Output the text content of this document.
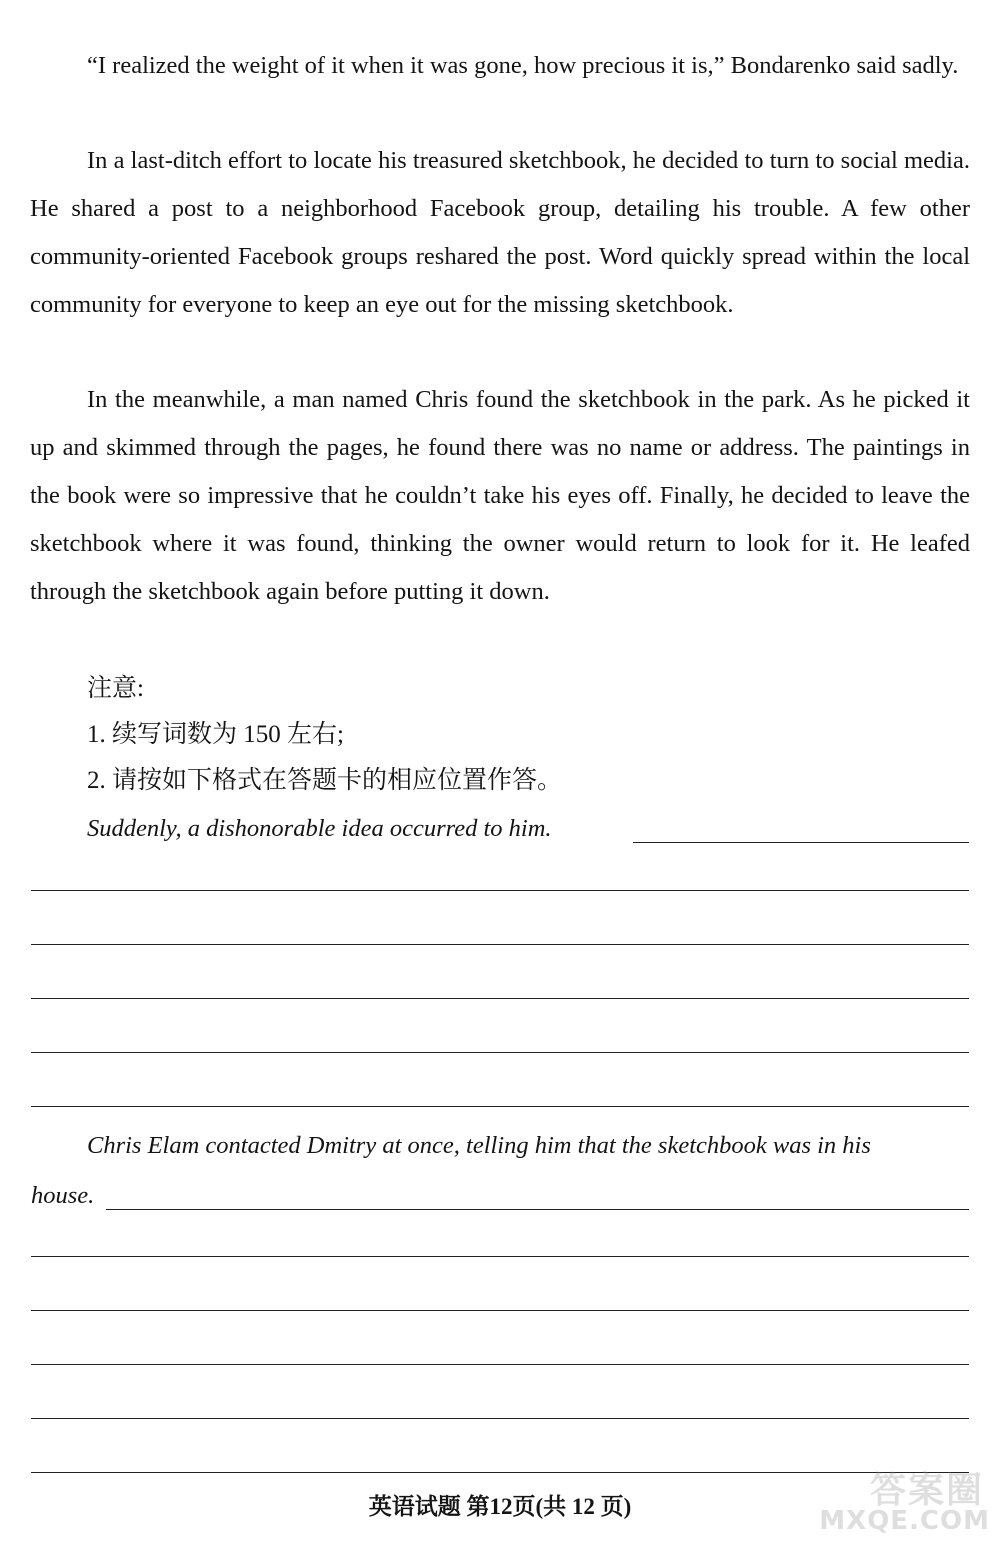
“I realized the weight of it when it was gone, how precious it is,” Bondarenko said sadly.

In a last-ditch effort to locate his treasured sketchbook, he decided to turn to social media. He shared a post to a neighborhood Facebook group, detailing his trouble. A few other community-oriented Facebook groups reshared the post. Word quickly spread within the local community for everyone to keep an eye out for the missing sketchbook.

In the meanwhile, a man named Chris found the sketchbook in the park. As he picked it up and skimmed through the pages, he found there was no name or address. The paintings in the book were so impressive that he couldn’t take his eyes off. Finally, he decided to leave the sketchbook where it was found, thinking the owner would return to look for it. He leafed through the sketchbook again before putting it down.

注意:

1. 续写词数为 150 左右;

2. 请按如下格式在答题卡的相应位置作答。

Suddenly, a dishonorable idea occurred to him.

Chris Elam contacted Dmitry at once, telling him that the sketchbook was in his

house.

英语试题 第12页(共 12 页)	答案圈
MXQE.COM
